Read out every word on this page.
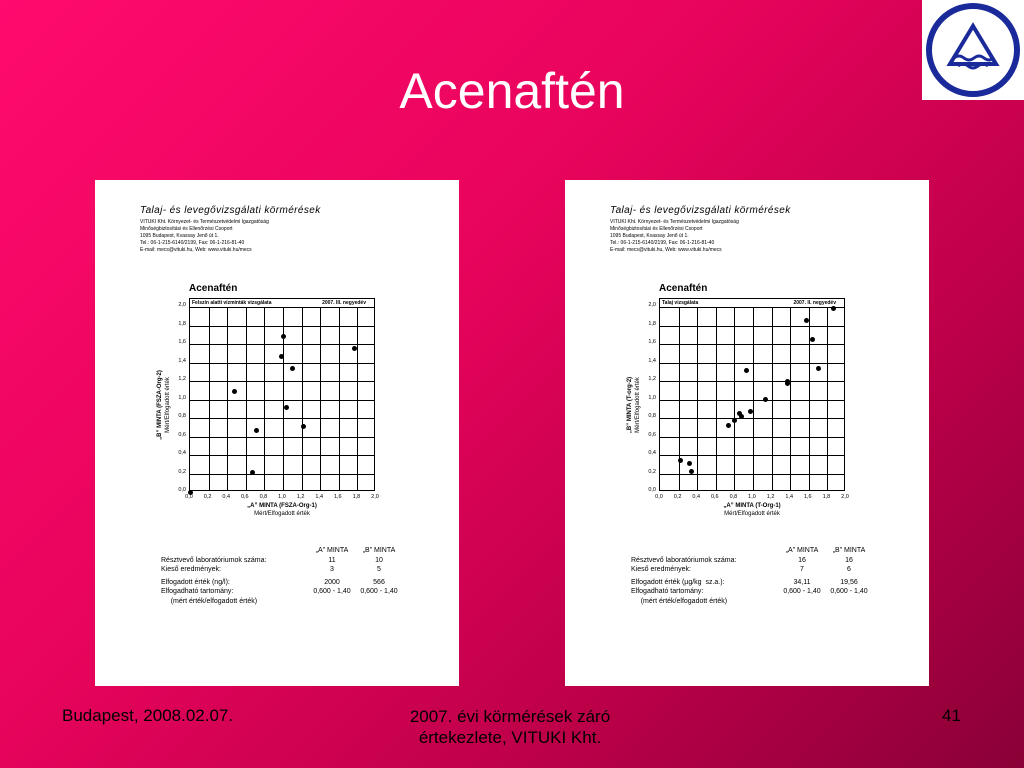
Acenaftén
Talaj- és levegővizsgálati körmérések
VITUKI Kht. Környezet- és Természetvédelmi Igazgatóság
Minőségbiztosítási és Ellenőrzési Csoport
1095 Budapest, Kvassay Jenő út 1.
Tel.: 06-1-215-6140/2199, Fax: 06-1-216-81-40
E-mail: mecs@vituki.hu, Web: www.vituki.hu/mecs
Acenaftén
Felszín alatti vízminták vizsgálata	2007. III. negyedév
0,0
0,0
0,2
0,2
0,4
0,4
0,6
0,6
0,8
0,8
1,0
1,0
1,2
1,2
1,4
1,4
1,6
1,6
1,8
1,8
2,0
2,0
„B” MINTA (FSZA-Org-2) Mért/Elfogadott érték
„A” MINTA (FSZA-Org-1)
Mért/Elfogadott érték
„A” MINTA	„B” MINTA
Résztvevő laboratóriumok száma:	11	10
Kieső eredmények:	3	5
Elfogadott érték (ng/l):	2000	566
Elfogadható tartomány:	0,600 - 1,40	0,600 - 1,40
(mért érték/elfogadott érték)
Talaj- és levegővizsgálati körmérések
VITUKI Kht. Környezet- és Természetvédelmi Igazgatóság
Minőségbiztosítási és Ellenőrzési Csoport
1095 Budapest, Kvassay Jenő út 1.
Tel.: 06-1-215-6140/2199, Fax: 06-1-216-81-40
E-mail: mecs@vituki.hu, Web: www.vituki.hu/mecs
Acenaftén
Talaj vizsgálata	2007. II. negyedév
0,0
0,0
0,2
0,2
0,4
0,4
0,6
0,6
0,8
0,8
1,0
1,0
1,2
1,2
1,4
1,4
1,6
1,6
1,8
1,8
2,0
2,0
„B” MINTA (T-org-2) Mért/Elfogadott érték
„A” MINTA (T-Org-1)
Mért/Elfogadott érték
„A” MINTA	„B” MINTA
Résztvevő laboratóriumok száma:	16	16
Kieső eredmények:	7	6
Elfogadott érték (µg/kg  sz.a.):	34,11	19,56
Elfogadható tartomány:	0,600 - 1,40	0,600 - 1,40
(mért érték/elfogadott érték)
Budapest, 2008.02.07.	2007. évi körmérések záró
értekezlete, VITUKI Kht.
41
